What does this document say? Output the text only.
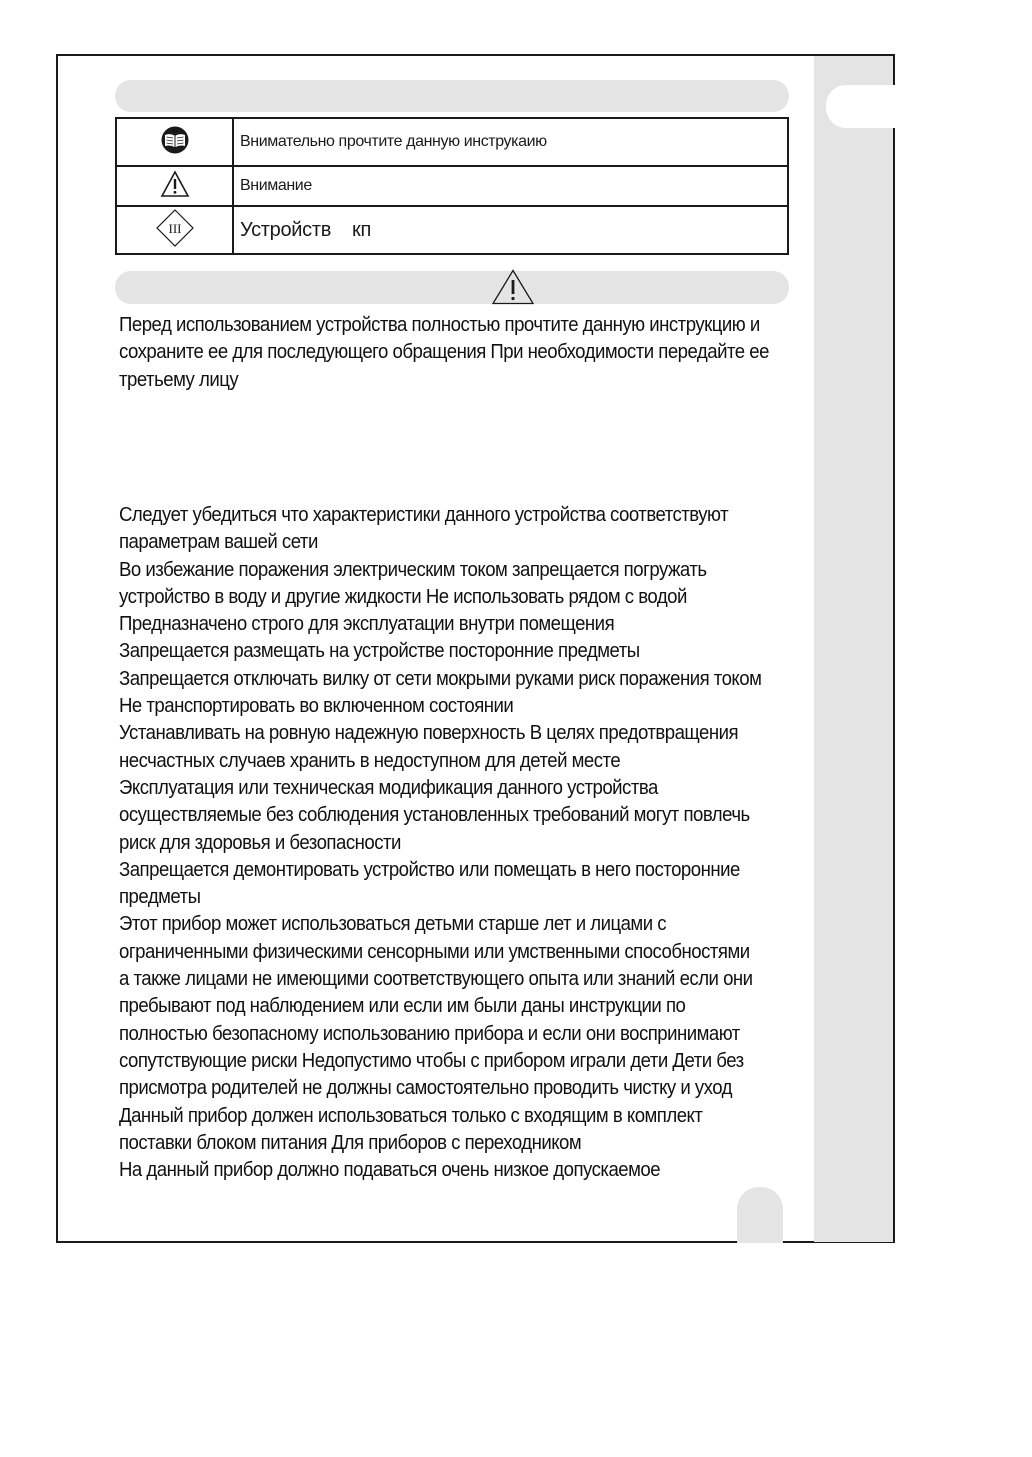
	Внимательно прочтите данную инструкаию
	Внимание

III	Устройств    кп
Перед использованием устройства полностью прочтите данную инструкцию и
сохраните ее для последующего обращения При необходимости передайте ее
третьему лицу
Следует убедиться что характеристики данного устройства соответствуют
параметрам вашей сети
Во избежание поражения электрическим током запрещается погружать
устройство в воду и другие жидкости Не использовать рядом с водой
Предназначено строго для эксплуатации внутри помещения
Запрещается размещать на устройстве посторонние предметы
Запрещается отключать вилку от сети мокрыми руками риск поражения током
Не транспортировать во включенном состоянии
Устанавливать на ровную надежную поверхность В целях предотвращения
несчастных случаев хранить в недоступном для детей месте
Эксплуатация или техническая модификация данного устройства
осуществляемые без соблюдения установленных требований могут повлечь
риск для здоровья и безопасности
Запрещается демонтировать устройство или помещать в него посторонние
предметы
Этот прибор может использоваться детьми старше лет и лицами с
ограниченными физическими сенсорными или умственными способностями
а также лицами не имеющими соответствующего опыта или знаний если они
пребывают под наблюдением или если им были даны инструкции по
полностью безопасному использованию прибора и если они воспринимают
сопутствующие риски Недопустимо чтобы с прибором играли дети Дети без
присмотра родителей не должны самостоятельно проводить чистку и уход
Данный прибор должен использоваться только с входящим в комплект
поставки блоком питания Для приборов с переходником
На данный прибор должно подаваться очень низкое допускаемое
